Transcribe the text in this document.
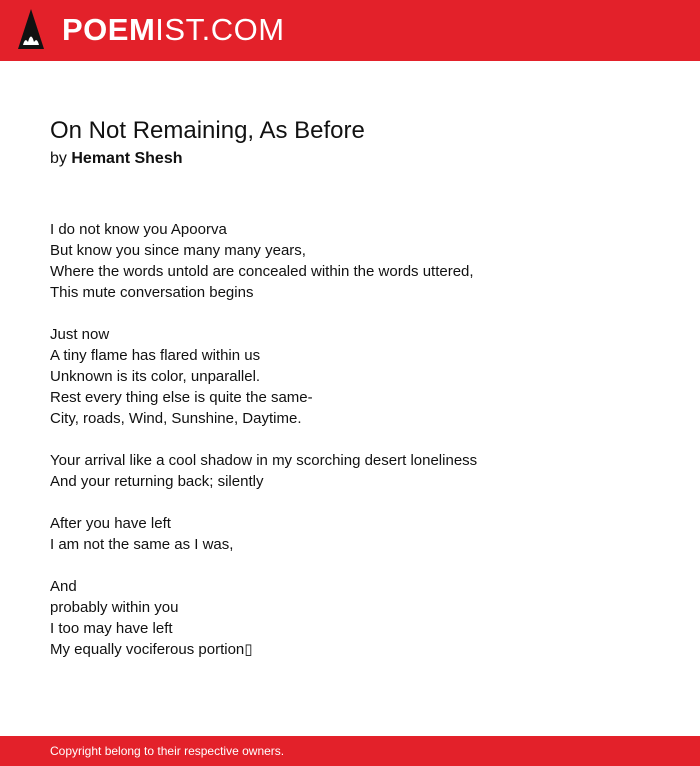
POEMIST.COM
On Not Remaining, As Before
by Hemant Shesh
I do not know you Apoorva
But know you since many many years,
Where the words untold are concealed within the words uttered,
This mute conversation begins
Just now
A tiny flame has flared within us
Unknown is its color, unparallel.
Rest every thing else is quite the same-
City, roads, Wind, Sunshine, Daytime.
Your arrival like a cool shadow in my scorching desert loneliness
And your returning back; silently
After you have left
I am not the same as I was,
And
probably within you
I too may have left
My equally vociferous portion▯
Copyright belong to their respective owners.
